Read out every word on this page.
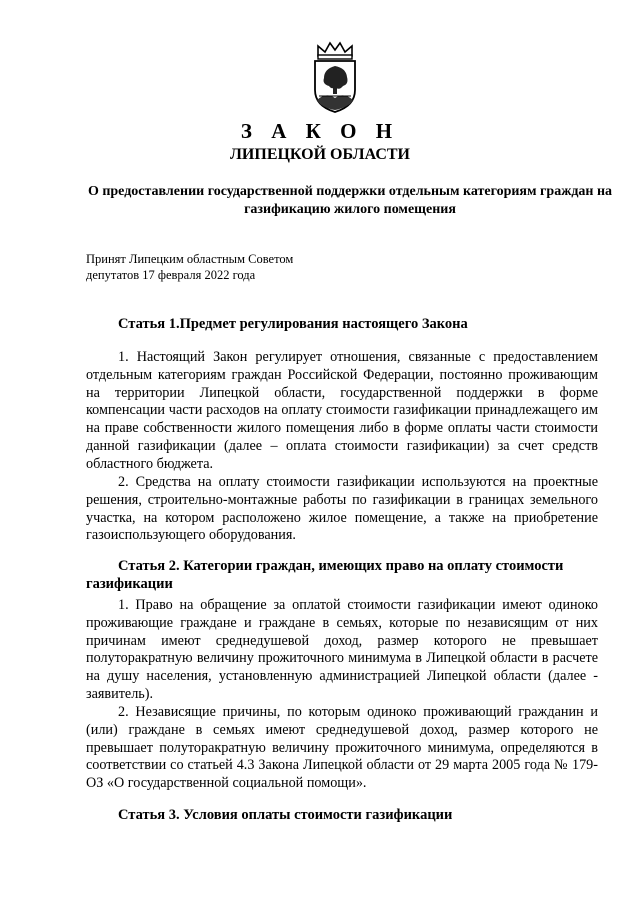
З А К О Н
ЛИПЕЦКОЙ ОБЛАСТИ
О предоставлении государственной поддержки отдельным категориям граждан на газификацию жилого помещения
Принят Липецким областным Советом
депутатов 17 февраля 2022 года
Статья 1.Предмет регулирования настоящего Закона

1. Настоящий Закон регулирует отношения, связанные с предоставлением отдельным категориям граждан Российской Федерации, постоянно проживающим на территории Липецкой области, государственной поддержки в форме компенсации части расходов на оплату стоимости газификации принадлежащего им на праве собственности жилого помещения либо в форме оплаты части стоимости данной газификации (далее – оплата стоимости газификации) за счет средств областного бюджета.

2. Средства на оплату стоимости газификации используются на проектные решения, строительно-монтажные работы по газификации в границах земельного участка, на котором расположено жилое помещение, а также на приобретение газоиспользующего оборудования.

Статья 2. Категории граждан, имеющих право на оплату стоимости газификации

1. Право на обращение за оплатой стоимости газификации имеют одиноко проживающие граждане и граждане в семьях, которые по независящим от них причинам имеют среднедушевой доход, размер которого не превышает полуторакратную величину прожиточного минимума в Липецкой области в расчете на душу населения, установленную администрацией Липецкой области (далее - заявитель).

2. Независящие причины, по которым одиноко проживающий гражданин и (или) граждане в семьях имеют среднедушевой доход, размер которого не превышает полуторакратную величину прожиточного минимума, определяются в соответствии со статьей 4.3 Закона Липецкой области от 29 марта 2005 года № 179-ОЗ «О государственной социальной помощи».

Статья 3. Условия оплаты стоимости газификации
